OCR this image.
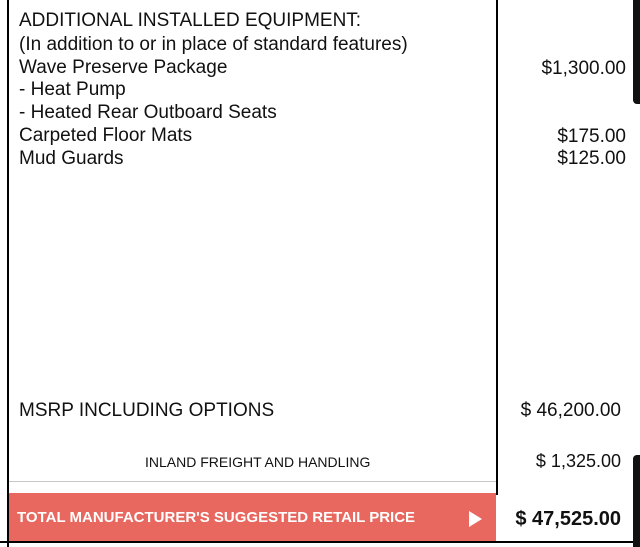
ADDITIONAL INSTALLED EQUIPMENT:
(In addition to or in place of standard features)
Wave Preserve Package	$1,300.00
- Heat Pump
- Heated Rear Outboard Seats
Carpeted Floor Mats	$175.00
Mud Guards	$125.00
MSRP INCLUDING OPTIONS	$ 46,200.00
INLAND FREIGHT AND HANDLING	$ 1,325.00
TOTAL MANUFACTURER'S SUGGESTED RETAIL PRICE	$ 47,525.00
